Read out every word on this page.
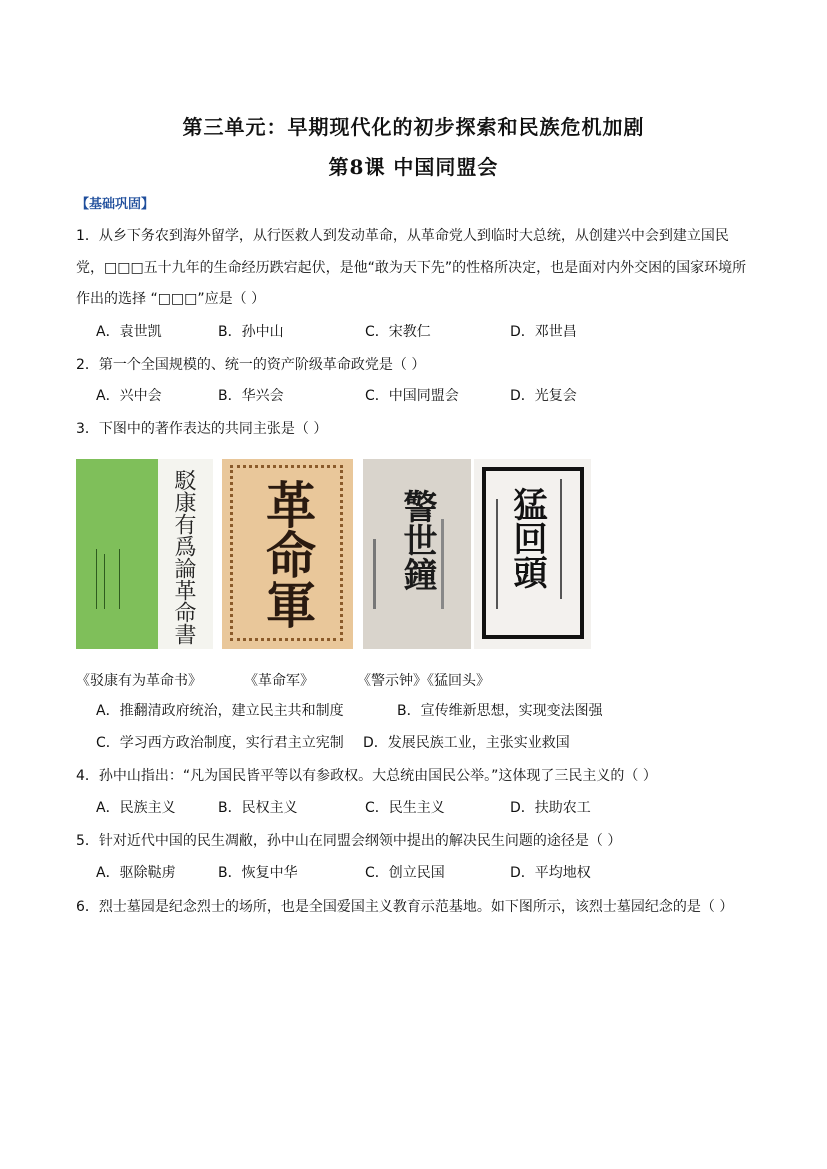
第三单元：早期现代化的初步探索和民族危机加剧
第8课 中国同盟会
【基础巩固】
1．从乡下务农到海外留学，从行医救人到发动革命，从革命党人到临时大总统，从创建兴中会到建立国民
党，□□□五十九年的生命经历跌宕起伏，是他“敢为天下先”的性格所决定，也是面对内外交困的国家环境所
作出的选择 “□□□”应是（ ）
A．袁世凯	B．孙中山	C．宋教仁	D．邓世昌
2．第一个全国规模的、统一的资产阶级革命政党是（ ）
A．兴中会	B．华兴会	C．中国同盟会	D．光复会
3．下图中的著作表达的共同主张是（ ）
駁康有爲論革命書 革命軍 警世鐘 猛回頭
《驳康有为革命书》	《革命军》	《警示钟》《猛回头》
A．推翻清政府统治，建立民主共和制度	B．宣传维新思想，实现变法图强
C．学习西方政治制度，实行君主立宪制 D．发展民族工业，主张实业救国
4．孙中山指出：“凡为国民皆平等以有参政权。大总统由国民公举。”这体现了三民主义的（ ）
A．民族主义	B．民权主义	C．民生主义	D．扶助农工
5．针对近代中国的民生凋敝，孙中山在同盟会纲领中提出的解决民生问题的途径是（ ）
A．驱除鞑虏	B．恢复中华	C．创立民国	D．平均地权
6．烈士墓园是纪念烈士的场所，也是全国爱国主义教育示范基地。如下图所示，该烈士墓园纪念的是（ ）
